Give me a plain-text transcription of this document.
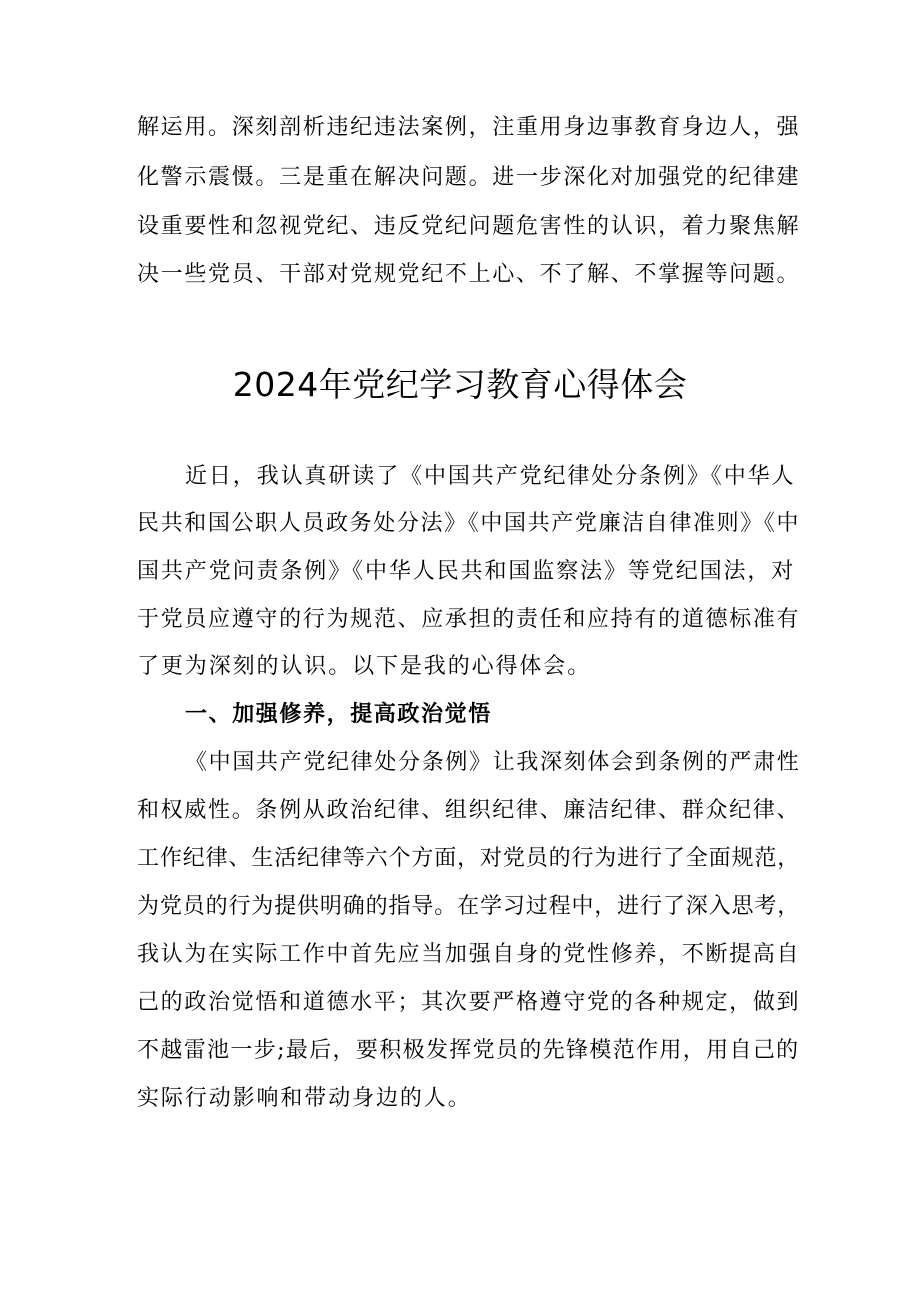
解运用。深刻剖析违纪违法案例，注重用身边事教育身边人，强
化警示震慑。三是重在解决问题。进一步深化对加强党的纪律建
设重要性和忽视党纪、违反党纪问题危害性的认识，着力聚焦解
决一些党员、干部对党规党纪不上心、不了解、不掌握等问题。
2024年党纪学习教育心得体会
近日，我认真研读了《中国共产党纪律处分条例》《中华人
民共和国公职人员政务处分法》《中国共产党廉洁自律准则》《中
国共产党问责条例》《中华人民共和国监察法》等党纪国法，对
于党员应遵守的行为规范、应承担的责任和应持有的道德标准有
了更为深刻的认识。以下是我的心得体会。
一、加强修养，提高政治觉悟
《中国共产党纪律处分条例》让我深刻体会到条例的严肃性
和权威性。条例从政治纪律、组织纪律、廉洁纪律、群众纪律、
工作纪律、生活纪律等六个方面，对党员的行为进行了全面规范，
为党员的行为提供明确的指导。在学习过程中，进行了深入思考，
我认为在实际工作中首先应当加强自身的党性修养，不断提高自
己的政治觉悟和道德水平；其次要严格遵守党的各种规定，做到
不越雷池一步;最后，要积极发挥党员的先锋模范作用，用自己的
实际行动影响和带动身边的人。
